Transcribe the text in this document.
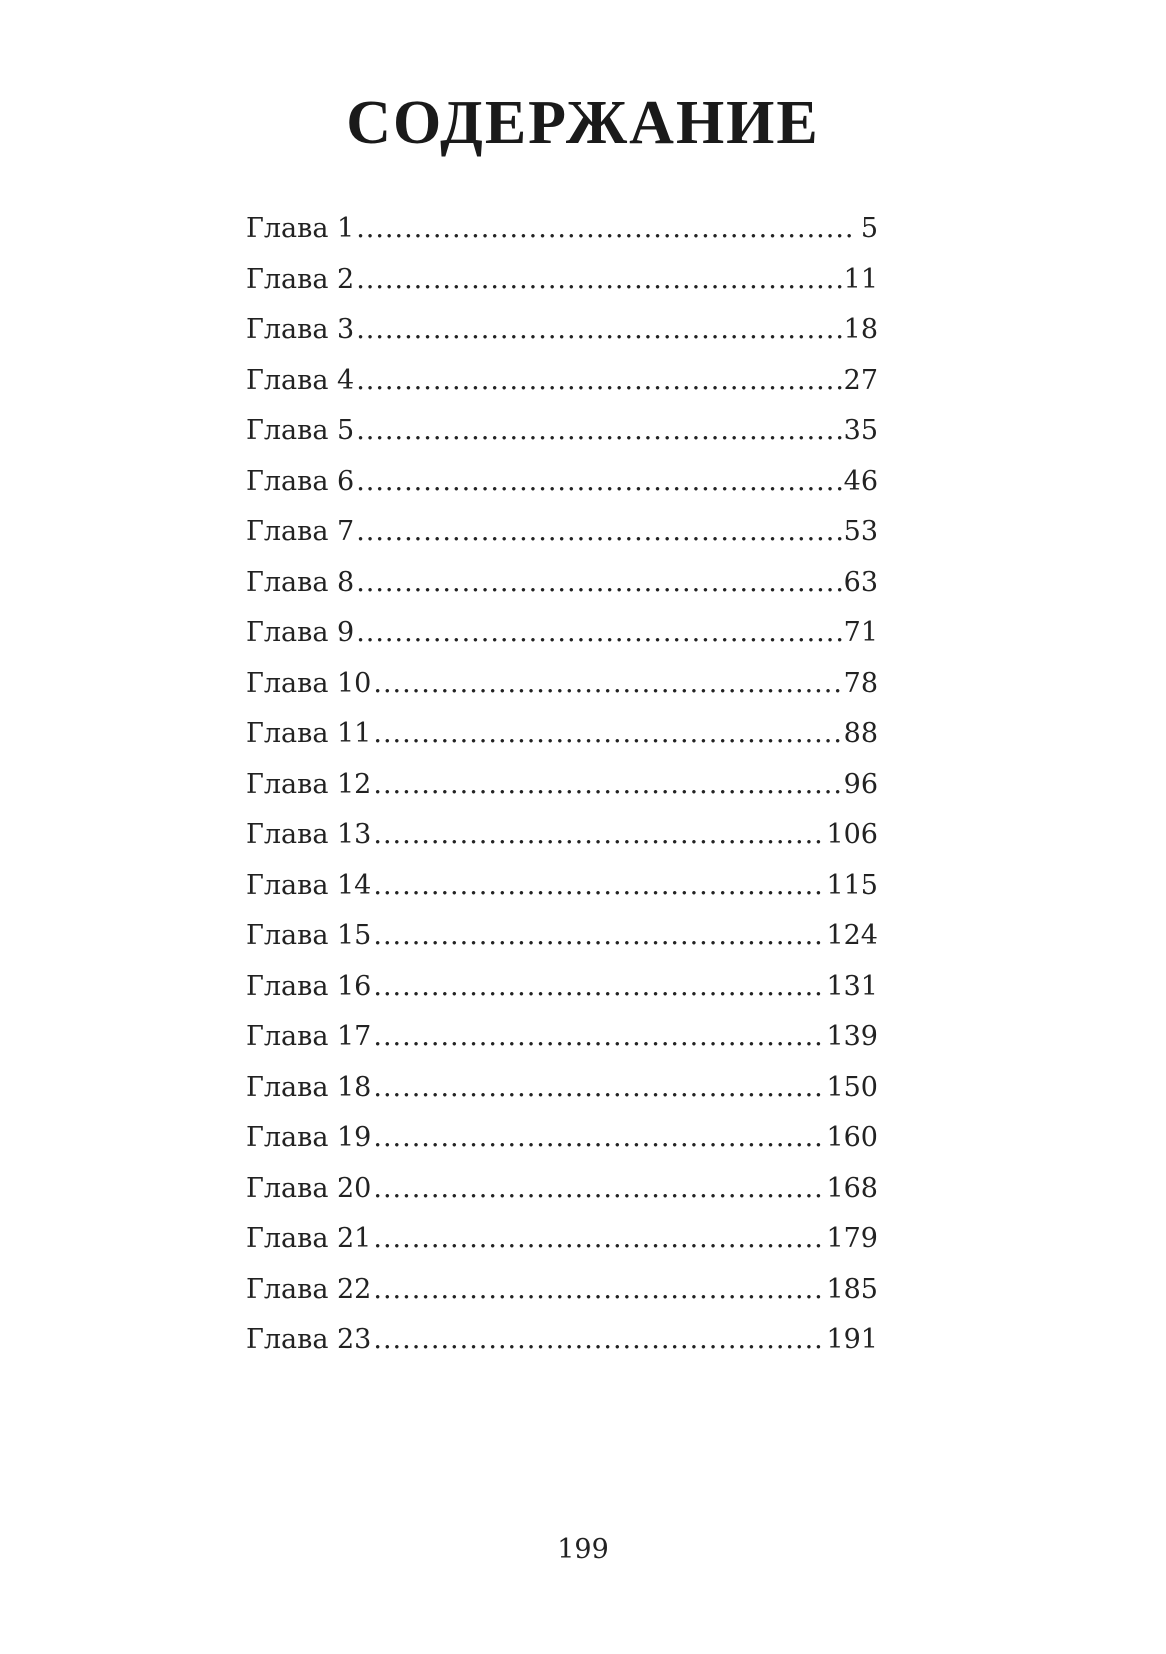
СОДЕРЖАНИЕ
Глава 1 .....	5
Глава 2 .....	11
Глава 3 .....	18
Глава 4 .....	27
Глава 5 .....	35
Глава 6 .....	46
Глава 7 .....	53
Глава 8 .....	63
Глава 9 .....	71
Глава 10 .....	78
Глава 11 .....	88
Глава 12 .....	96
Глава 13 .....	106
Глава 14 .....	115
Глава 15 .....	124
Глава 16 .....	131
Глава 17 .....	139
Глава 18 .....	150
Глава 19 .....	160
Глава 20 .....	168
Глава 21 .....	179
Глава 22 .....	185
Глава 23 .....	191
199
